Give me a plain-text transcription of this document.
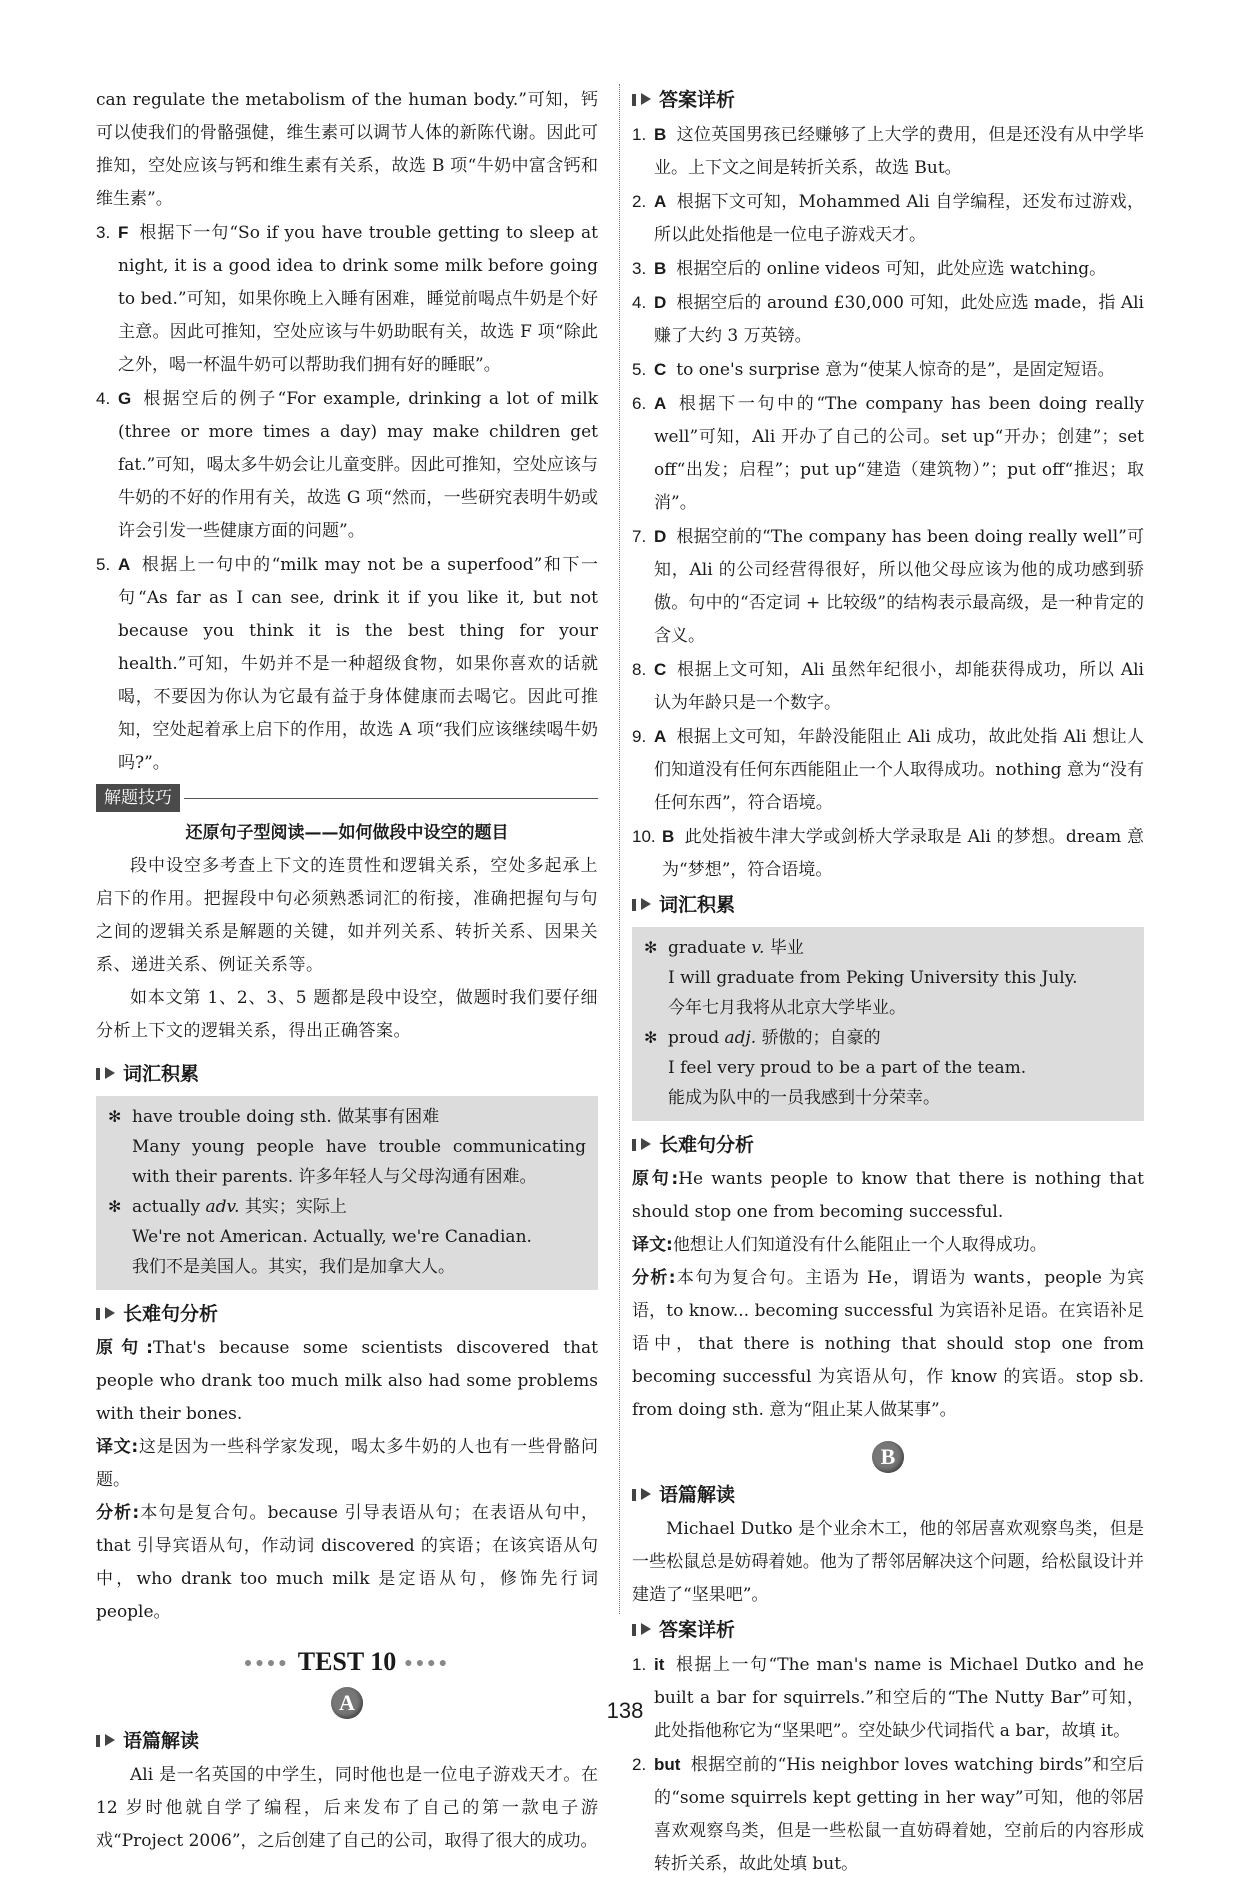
can regulate the metabolism of the human body.”可知，钙可以使我们的骨骼强健，维生素可以调节人体的新陈代谢。因此可推知，空处应该与钙和维生素有关系，故选 B 项“牛奶中富含钙和维生素”。

3. F 根据下一句“So if you have trouble getting to sleep at night, it is a good idea to drink some milk before going to bed.”可知，如果你晚上入睡有困难，睡觉前喝点牛奶是个好主意。因此可推知，空处应该与牛奶助眠有关，故选 F 项“除此之外，喝一杯温牛奶可以帮助我们拥有好的睡眠”。

4. G 根据空后的例子“For example, drinking a lot of milk (three or more times a day) may make children get fat.”可知，喝太多牛奶会让儿童变胖。因此可推知，空处应该与牛奶的不好的作用有关，故选 G 项“然而，一些研究表明牛奶或许会引发一些健康方面的问题”。

5. A 根据上一句中的“milk may not be a superfood”和下一句“As far as I can see, drink it if you like it, but not because you think it is the best thing for your health.”可知，牛奶并不是一种超级食物，如果你喜欢的话就喝，不要因为你认为它最有益于身体健康而去喝它。因此可推知，空处起着承上启下的作用，故选 A 项“我们应该继续喝牛奶吗?”。

解题技巧
还原句子型阅读——如何做段中设空的题目

段中设空多考查上下文的连贯性和逻辑关系，空处多起承上启下的作用。把握段中句必须熟悉词汇的衔接，准确把握句与句之间的逻辑关系是解题的关键，如并列关系、转折关系、因果关系、递进关系、例证关系等。

如本文第 1、2、3、5 题都是段中设空，做题时我们要仔细分析上下文的逻辑关系，得出正确答案。

词汇积累

✻ have trouble doing sth. 做某事有困难

Many young people have trouble communicating with their parents. 许多年轻人与父母沟通有困难。

✻ actually adv. 其实；实际上

We're not American. Actually, we're Canadian.

我们不是美国人。其实，我们是加拿大人。

长难句分析

原句:That's because some scientists discovered that people who drank too much milk also had some problems with their bones.

译文:这是因为一些科学家发现，喝太多牛奶的人也有一些骨骼问题。

分析:本句是复合句。because 引导表语从句；在表语从句中，that 引导宾语从句，作动词 discovered 的宾语；在该宾语从句中，who drank too much milk 是定语从句，修饰先行词 people。

●●●● TEST 10 ●●●●
A
语篇解读

Ali 是一名英国的中学生，同时他也是一位电子游戏天才。在 12 岁时他就自学了编程，后来发布了自己的第一款电子游戏“Project 2006”，之后创建了自己的公司，取得了很大的成功。

答案详析

1. B 这位英国男孩已经赚够了上大学的费用，但是还没有从中学毕业。上下文之间是转折关系，故选 But。

2. A 根据下文可知，Mohammed Ali 自学编程，还发布过游戏，所以此处指他是一位电子游戏天才。

3. B 根据空后的 online videos 可知，此处应选 watching。

4. D 根据空后的 around £30,000 可知，此处应选 made，指 Ali 赚了大约 3 万英镑。

5. C to one's surprise 意为“使某人惊奇的是”，是固定短语。

6. A 根据下一句中的“The company has been doing really well”可知，Ali 开办了自己的公司。set up“开办；创建”；set off“出发；启程”；put up“建造（建筑物）”；put off“推迟；取消”。

7. D 根据空前的“The company has been doing really well”可知，Ali 的公司经营得很好，所以他父母应该为他的成功感到骄傲。句中的“否定词 + 比较级”的结构表示最高级，是一种肯定的含义。

8. C 根据上文可知，Ali 虽然年纪很小，却能获得成功，所以 Ali 认为年龄只是一个数字。

9. A 根据上文可知，年龄没能阻止 Ali 成功，故此处指 Ali 想让人们知道没有任何东西能阻止一个人取得成功。nothing 意为“没有任何东西”，符合语境。

10. B 此处指被牛津大学或剑桥大学录取是 Ali 的梦想。dream 意为“梦想”，符合语境。

词汇积累

✻ graduate v. 毕业

I will graduate from Peking University this July.

今年七月我将从北京大学毕业。

✻ proud adj. 骄傲的；自豪的

I feel very proud to be a part of the team.

能成为队中的一员我感到十分荣幸。

长难句分析

原句:He wants people to know that there is nothing that should stop one from becoming successful.

译文:他想让人们知道没有什么能阻止一个人取得成功。

分析:本句为复合句。主语为 He，谓语为 wants，people 为宾语，to know... becoming successful 为宾语补足语。在宾语补足语中，that there is nothing that should stop one from becoming successful 为宾语从句，作 know 的宾语。stop sb. from doing sth. 意为“阻止某人做某事”。

B
语篇解读

Michael Dutko 是个业余木工，他的邻居喜欢观察鸟类，但是一些松鼠总是妨碍着她。他为了帮邻居解决这个问题，给松鼠设计并建造了“坚果吧”。

答案详析

1. it 根据上一句“The man's name is Michael Dutko and he built a bar for squirrels.”和空后的“The Nutty Bar”可知，此处指他称它为“坚果吧”。空处缺少代词指代 a bar，故填 it。

2. but 根据空前的“His neighbor loves watching birds”和空后的“some squirrels kept getting in her way”可知，他的邻居喜欢观察鸟类，但是一些松鼠一直妨碍着她，空前后的内容形成转折关系，故此处填 but。

138
